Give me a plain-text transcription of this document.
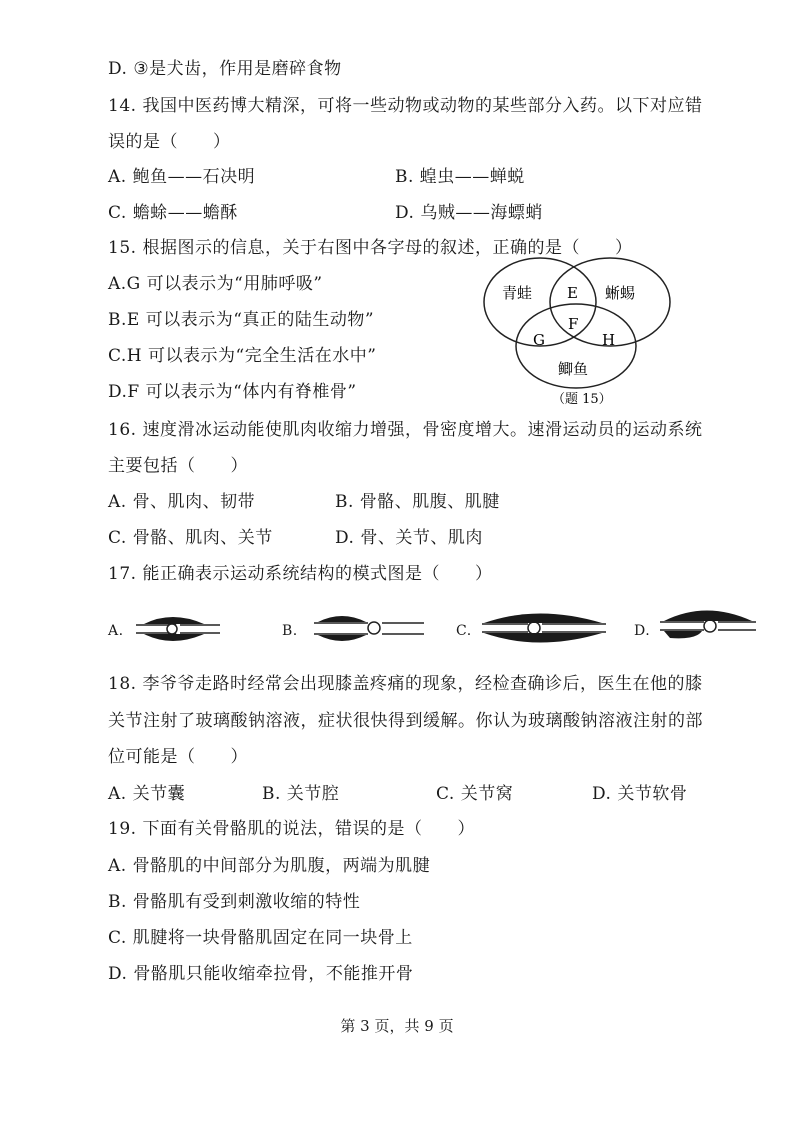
D. ③是犬齿，作用是磨碎食物
14. 我国中医药博大精深，可将一些动物或动物的某些部分入药。以下对应错
误的是（　　）
A. 鲍鱼——石决明	B. 蝗虫——蝉蜕
C. 蟾蜍——蟾酥	D. 乌贼——海螵蛸
15. 根据图示的信息，关于右图中各字母的叙述，正确的是（　　）
A.G 可以表示为“用肺呼吸”
B.E 可以表示为“真正的陆生动物”
C.H 可以表示为“完全生活在水中”
D.F 可以表示为“体内有脊椎骨”
青蛙	蜥蜴
鲫鱼
E
F
G	H
（题 15）
16. 速度滑冰运动能使肌肉收缩力增强，骨密度增大。速滑运动员的运动系统
主要包括（　　）
A. 骨、肌肉、韧带	B. 骨骼、肌腹、肌腱
C. 骨骼、肌肉、关节	D. 骨、关节、肌肉
17. 能正确表示运动系统结构的模式图是（　　）
A.	B.	C.	D.
18. 李爷爷走路时经常会出现膝盖疼痛的现象，经检查确诊后，医生在他的膝
关节注射了玻璃酸钠溶液，症状很快得到缓解。你认为玻璃酸钠溶液注射的部
位可能是（　　）
A. 关节囊	B. 关节腔	C. 关节窝	D. 关节软骨
19. 下面有关骨骼肌的说法，错误的是（　　）
A. 骨骼肌的中间部分为肌腹，两端为肌腱
B. 骨骼肌有受到刺激收缩的特性
C. 肌腱将一块骨骼肌固定在同一块骨上
D. 骨骼肌只能收缩牵拉骨，不能推开骨
第 3 页，共 9 页
